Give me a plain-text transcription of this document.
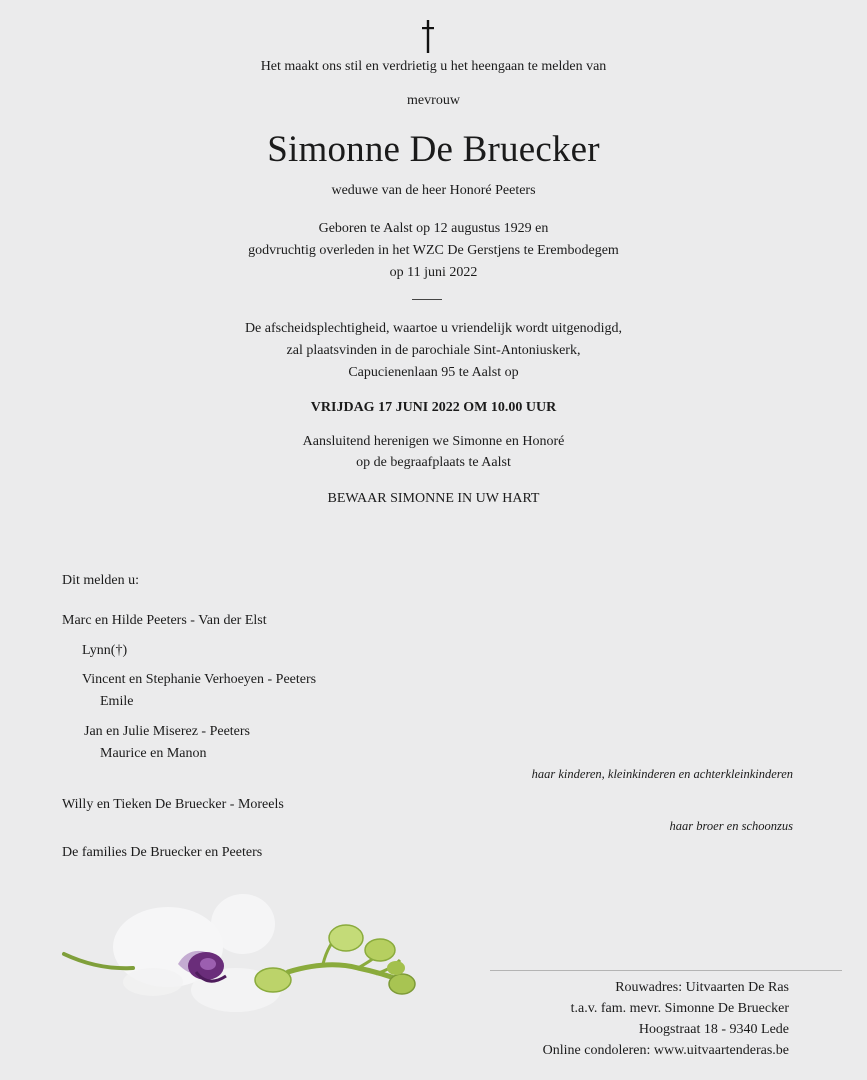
Het maakt ons stil en verdrietig u het heengaan te melden van
mevrouw
Simonne De Bruecker
weduwe van de heer Honoré Peeters
Geboren te Aalst op 12 augustus 1929 en
godvruchtig overleden in het WZC De Gerstjens te Erembodegem
op 11 juni 2022
De afscheidsplechtigheid, waartoe u vriendelijk wordt uitgenodigd,
zal plaatsvinden in de parochiale Sint-Antoniuskerk,
Capucienenlaan 95 te Aalst op
VRIJDAG 17 JUNI 2022 OM 10.00 UUR
Aansluitend herenigen we Simonne en Honoré
op de begraafplaats te Aalst
BEWAAR SIMONNE IN UW HART
Dit melden u:
Marc en Hilde Peeters - Van der Elst
Lynn(†)
Vincent en Stephanie Verhoeyen - Peeters
Emile
Jan en Julie Miserez - Peeters
Maurice en Manon
haar kinderen, kleinkinderen en achterkleinkinderen
Willy en Tieken De Bruecker - Moreels
haar broer en schoonzus
De families De Bruecker en Peeters
Rouwadres: Uitvaarten De Ras
t.a.v. fam. mevr. Simonne De Bruecker
Hoogstraat 18 - 9340 Lede
Online condoleren: www.uitvaartenderas.be
